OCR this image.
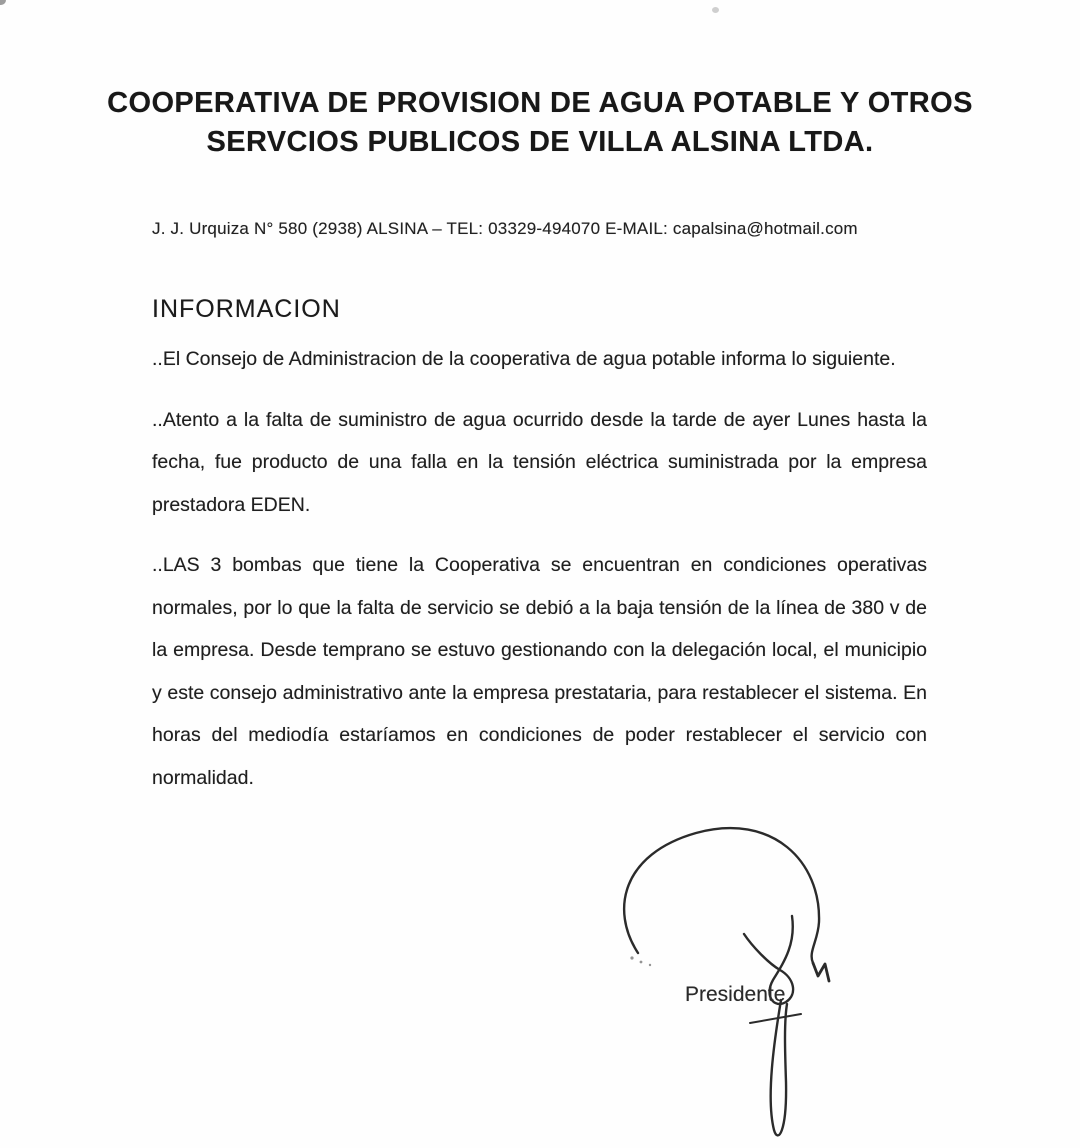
COOPERATIVA DE PROVISION DE AGUA POTABLE Y OTROS
SERVCIOS PUBLICOS DE VILLA ALSINA LTDA.
J. J. Urquiza N° 580 (2938) ALSINA – TEL: 03329-494070 E-MAIL: capalsina@hotmail.com
INFORMACION

..El Consejo de Administracion de la cooperativa de agua potable informa lo siguiente.

..Atento a la falta de suministro de agua ocurrido desde la tarde de ayer Lunes hasta la fecha, fue producto de una falla en la tensión eléctrica suministrada por la empresa prestadora EDEN.

..LAS 3 bombas que tiene la Cooperativa se encuentran en condiciones operativas normales, por lo que la falta de servicio se debió a la baja tensión de la línea de 380 v de la empresa. Desde temprano se estuvo gestionando con la delegación local, el municipio y este consejo administrativo ante la empresa prestataria, para restablecer el sistema. En horas del mediodía estaríamos en condiciones de poder restablecer el servicio con normalidad.

Presidente
